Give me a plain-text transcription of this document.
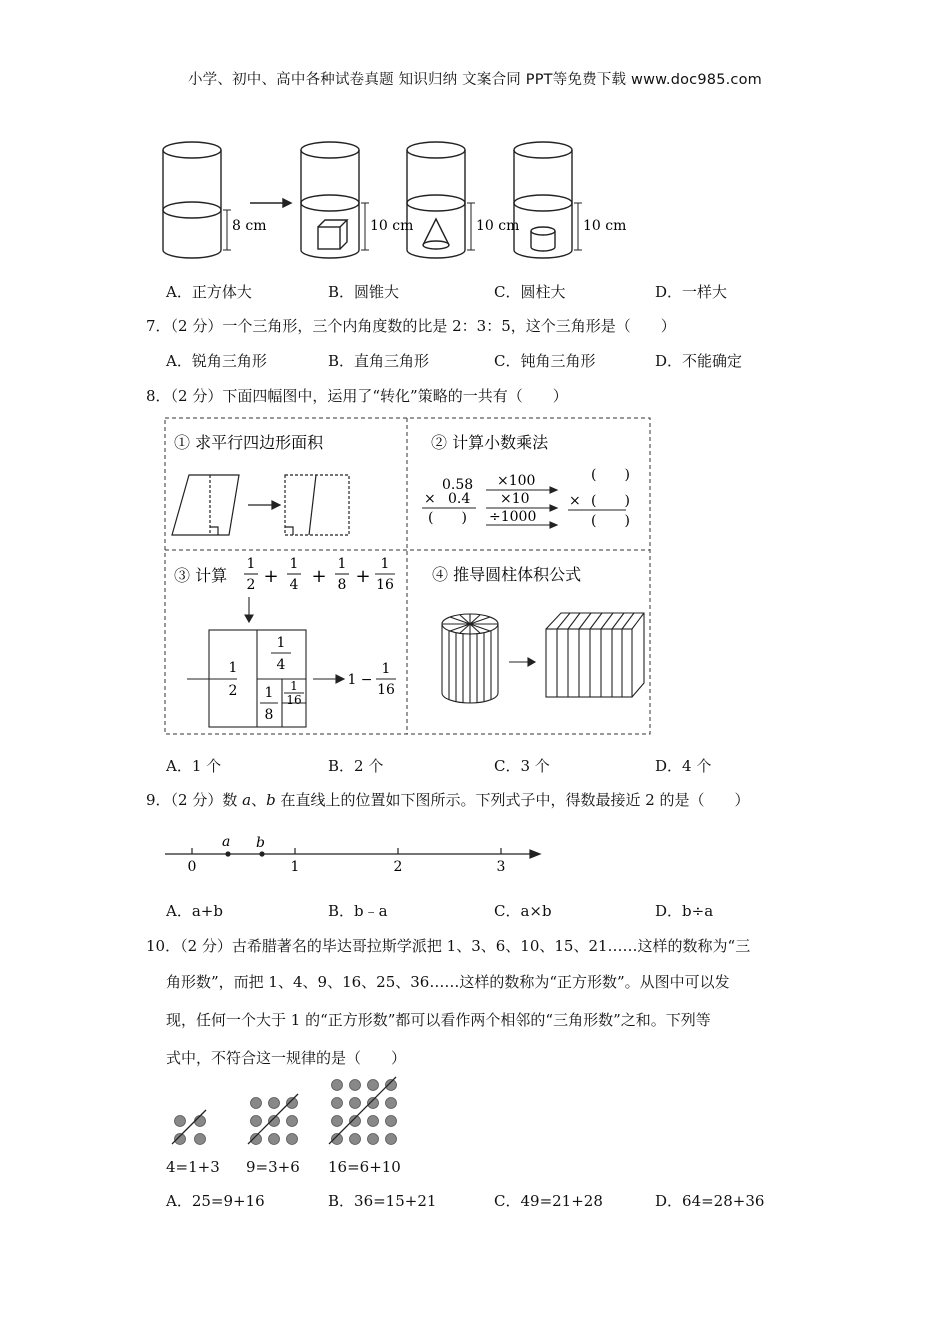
小学、初中、高中各种试卷真题 知识归纳 文案合同 PPT等免费下载 www.doc985.com
8 cm	10 cm	10 cm	10 cm
A．正方体大	B．圆锥大	C．圆柱大	D．一样大
7．（2 分）一个三角形，三个内角度数的比是 2：3：5，这个三角形是（　　）
A．锐角三角形	B．直角三角形	C．钝角三角形	D．不能确定
8．（2 分）下面四幅图中，运用了“转化”策略的一共有（　　）
① 求平行四边形面积	② 计算小数乘法
④ 推导圆柱体积公式
0.58
× 0.4
(　　)
×100
×10
÷1000
(　　)
× (　　)
(　　)
③ 计算
1
2 +
1
4 +
1
8 +
1
16
1
2
1
4
1
8
1
16
1 −
1
16
A．1 个	B．2 个	C．3 个	D．4 个
9．（2 分）数 a、b 在直线上的位置如下图所示。下列式子中，得数最接近 2 的是（　　）
a b
0	1	2	3
A．a+b	B．b﹣a	C．a×b	D．b÷a
10．（2 分）古希腊著名的毕达哥拉斯学派把 1、3、6、10、15、21……这样的数称为“三
角形数”，而把 1、4、9、16、25、36……这样的数称为“正方形数”。从图中可以发
现，任何一个大于 1 的“正方形数”都可以看作两个相邻的“三角形数”之和。下列等
式中，不符合这一规律的是（　　）
4=1+3 9=3+6 16=6+10
A．25=9+16	B．36=15+21	C．49=21+28	D．64=28+36
